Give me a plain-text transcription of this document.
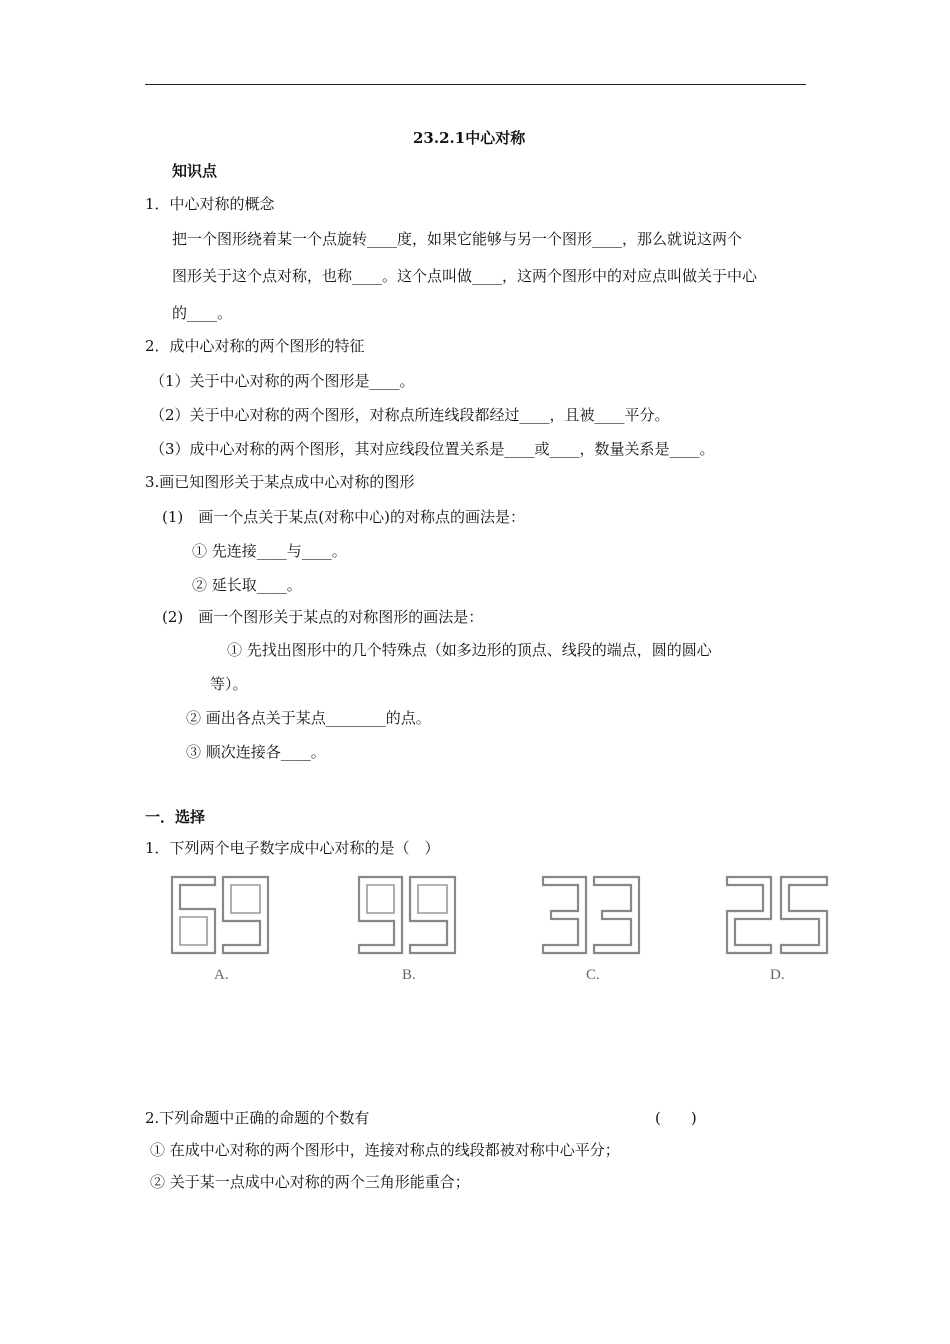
23.2.1中心对称
知识点
1．中心对称的概念
把一个图形绕着某一个点旋转____度，如果它能够与另一个图形____，那么就说这两个
图形关于这个点对称，也称____。这个点叫做____，这两个图形中的对应点叫做关于中心
的____。
2．成中心对称的两个图形的特征
（1）关于中心对称的两个图形是____。
（2）关于中心对称的两个图形，对称点所连线段都经过____，且被____平分。
（3）成中心对称的两个图形，其对应线段位置关系是____或____，数量关系是____。
3.画已知图形关于某点成中心对称的图形
(1)　画一个点关于某点(对称中心)的对称点的画法是：
① 先连接____与____。
② 延长取____。
(2)　画一个图形关于某点的对称图形的画法是：
① 先找出图形中的几个特殊点（如多边形的顶点、线段的端点，圆的圆心
等）。
② 画出各点关于某点________的点。
③ 顺次连接各____。
一．选择
1．下列两个电子数字成中心对称的是（　）
A.	B.	C.	D.
2.下列命题中正确的命题的个数有	(　　)
① 在成中心对称的两个图形中，连接对称点的线段都被对称中心平分；
② 关于某一点成中心对称的两个三角形能重合；
